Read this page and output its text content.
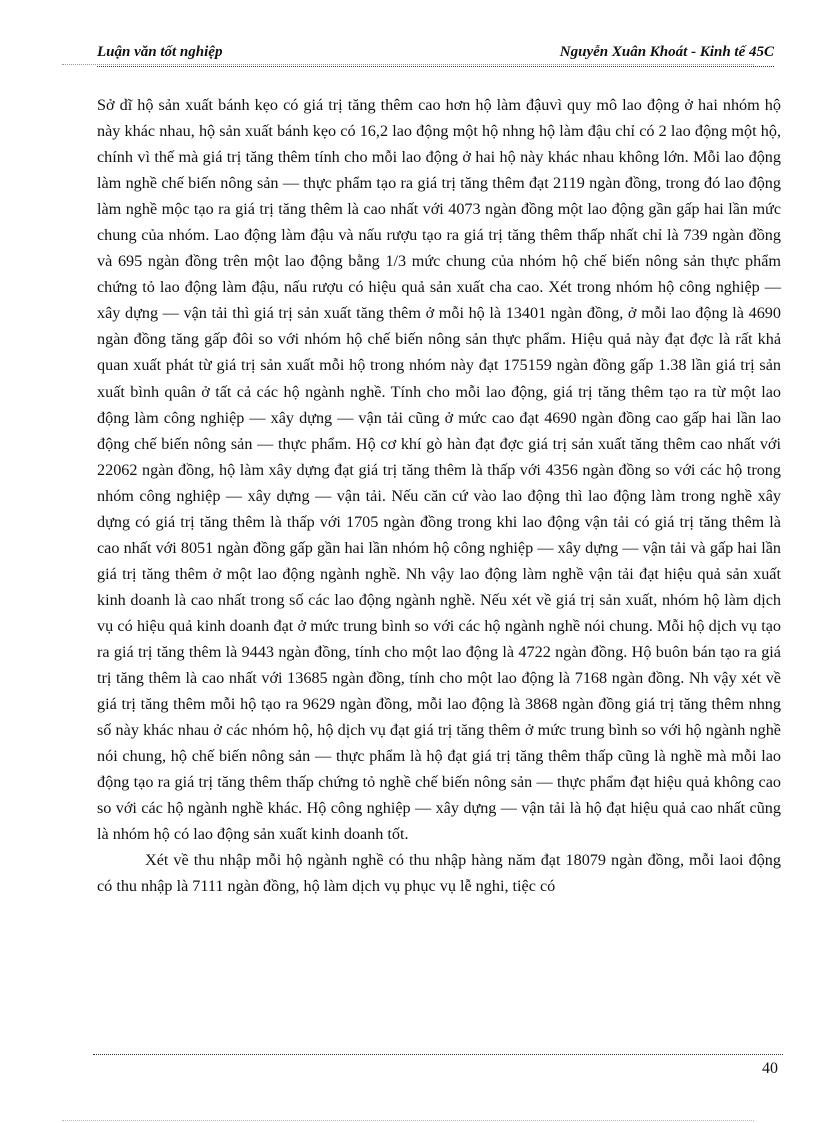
Luận văn tốt nghiệp	Nguyễn Xuân Khoát - Kinh tế 45C

Sở dĩ hộ sản xuất bánh kẹo có giá trị tăng thêm cao hơn hộ làm đậuvì quy mô lao động ở hai nhóm hộ này khác nhau, hộ sản xuất bánh kẹo có 16,2 lao động một hộ nhng hộ làm đậu chỉ có 2 lao động một hộ, chính vì thế mà giá trị tăng thêm tính cho mỗi lao động ở hai hộ này khác nhau không lớn. Mỗi lao động làm nghề chế biến nông sản — thực phẩm tạo ra giá trị tăng thêm đạt 2119 ngàn đồng, trong đó lao động làm nghề mộc tạo ra giá trị tăng thêm là cao nhất với 4073 ngàn đồng một lao động gần gấp hai lần mức chung của nhóm. Lao động làm đậu và nấu rượu tạo ra giá trị tăng thêm thấp nhất chỉ là 739 ngàn đồng và 695 ngàn đồng trên một lao động bằng 1/3 mức chung của nhóm hộ chế biến nông sản thực phẩm chứng tỏ lao động làm đậu, nấu rượu có hiệu quả sản xuất cha cao. Xét trong nhóm hộ công nghiệp — xây dựng — vận tải thì giá trị sản xuất tăng thêm ở mỗi hộ là 13401 ngàn đồng, ở mỗi lao động là 4690 ngàn đồng tăng gấp đôi so với nhóm hộ chế biến nông sản thực phẩm. Hiệu quả này đạt đợc là rất khả quan xuất phát từ giá trị sản xuất mỗi hộ trong nhóm này đạt 175159 ngàn đồng gấp 1.38 lần giá trị sản xuất bình quân ở tất cả các hộ ngành nghề. Tính cho mỗi lao động, giá trị tăng thêm tạo ra từ một lao động làm công nghiệp — xây dựng — vận tải cũng ở mức cao đạt 4690 ngàn đồng cao gấp hai lần lao động chế biến nông sản — thực phẩm. Hộ cơ khí gò hàn đạt đợc giá trị sản xuất tăng thêm cao nhất với 22062 ngàn đồng, hộ làm xây dựng đạt giá trị tăng thêm là thấp với 4356 ngàn đồng so với các hộ trong nhóm công nghiệp — xây dựng — vận tải. Nếu căn cứ vào lao động thì lao động làm trong nghề xây dựng có giá trị tăng thêm là thấp với 1705 ngàn đồng trong khi lao động vận tải có giá trị tăng thêm là cao nhất với 8051 ngàn đồng gấp gần hai lần nhóm hộ công nghiệp — xây dựng — vận tải và gấp hai lần giá trị tăng thêm ở một lao động ngành nghề. Nh vậy lao động làm nghề vận tải đạt hiệu quả sản xuất kinh doanh là cao nhất trong số các lao động ngành nghề. Nếu xét về giá trị sản xuất, nhóm hộ làm dịch vụ có hiệu quả kinh doanh đạt ở mức trung bình so với các hộ ngành nghề nói chung. Mỗi hộ dịch vụ tạo ra giá trị tăng thêm là 9443 ngàn đồng, tính cho một lao động là 4722 ngàn đồng. Hộ buôn bán tạo ra giá trị tăng thêm là cao nhất với 13685 ngàn đồng, tính cho một lao động là 7168 ngàn đồng. Nh vậy xét về giá trị tăng thêm mỗi hộ tạo ra 9629 ngàn đồng, mỗi lao động là 3868 ngàn đồng giá trị tăng thêm nhng số này khác nhau ở các nhóm hộ, hộ dịch vụ đạt giá trị tăng thêm ở mức trung bình so với hộ ngành nghề nói chung, hộ chế biến nông sản — thực phẩm là hộ đạt giá trị tăng thêm thấp cũng là nghề mà mỗi lao động tạo ra giá trị tăng thêm thấp chứng tỏ nghề chế biến nông sản — thực phẩm đạt hiệu quả không cao so với các hộ ngành nghề khác. Hộ công nghiệp — xây dựng — vận tải là hộ đạt hiệu quả cao nhất cũng là nhóm hộ có lao động sản xuất kinh doanh tốt.

Xét về thu nhập mỗi hộ ngành nghề có thu nhập hàng năm đạt 18079 ngàn đồng, mỗi laoi động có thu nhập là 7111 ngàn đồng, hộ làm dịch vụ phục vụ lễ nghi, tiệc có

40
